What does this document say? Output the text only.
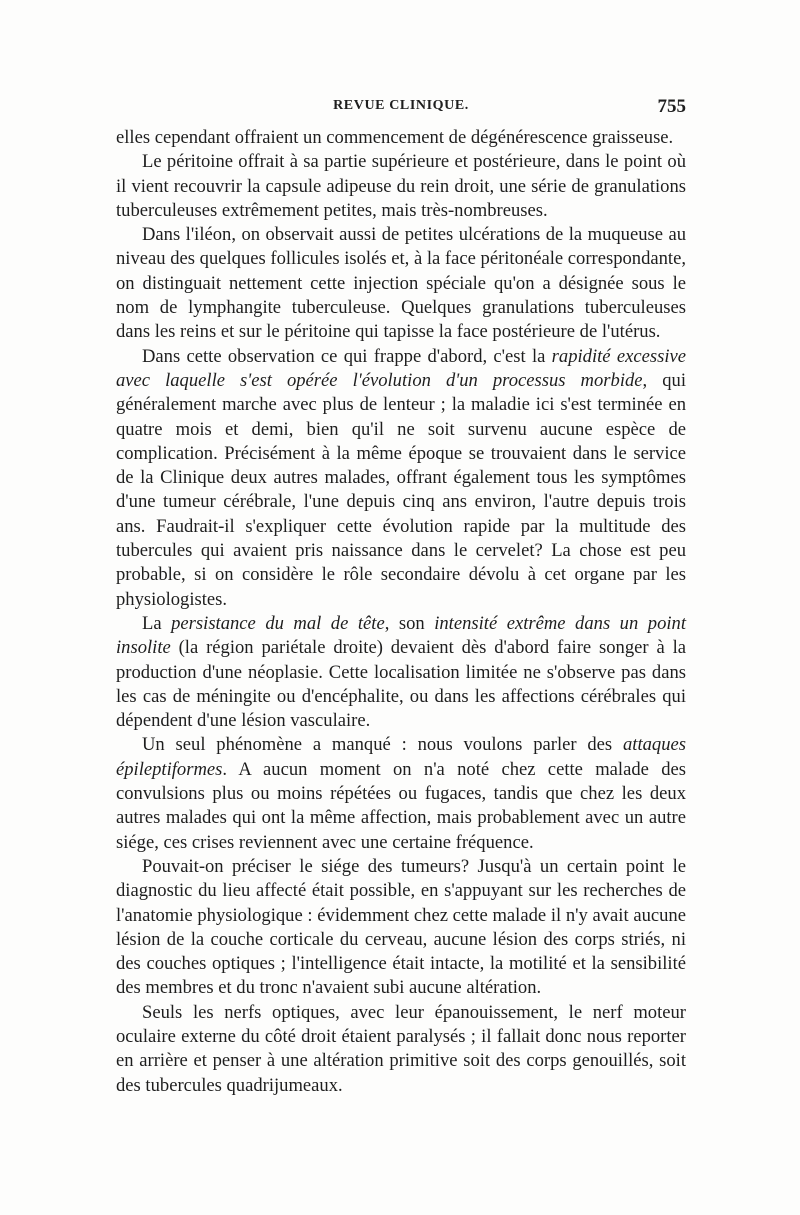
REVUE CLINIQUE.	755

elles cependant offraient un commencement de dégénérescence graisseuse.

Le péritoine offrait à sa partie supérieure et postérieure, dans le point où il vient recouvrir la capsule adipeuse du rein droit, une série de granulations tuberculeuses extrêmement petites, mais très-nombreuses.

Dans l'iléon, on observait aussi de petites ulcérations de la muqueuse au niveau des quelques follicules isolés et, à la face péritonéale correspondante, on distinguait nettement cette injection spéciale qu'on a désignée sous le nom de lymphangite tuberculeuse. Quelques granulations tuberculeuses dans les reins et sur le péritoine qui tapisse la face postérieure de l'utérus.

Dans cette observation ce qui frappe d'abord, c'est la rapidité excessive avec laquelle s'est opérée l'évolution d'un processus morbide, qui généralement marche avec plus de lenteur ; la maladie ici s'est terminée en quatre mois et demi, bien qu'il ne soit survenu aucune espèce de complication. Précisément à la même époque se trouvaient dans le service de la Clinique deux autres malades, offrant également tous les symptômes d'une tumeur cérébrale, l'une depuis cinq ans environ, l'autre depuis trois ans. Faudrait-il s'expliquer cette évolution rapide par la multitude des tubercules qui avaient pris naissance dans le cervelet? La chose est peu probable, si on considère le rôle secondaire dévolu à cet organe par les physiologistes.

La persistance du mal de tête, son intensité extrême dans un point insolite (la région pariétale droite) devaient dès d'abord faire songer à la production d'une néoplasie. Cette localisation limitée ne s'observe pas dans les cas de méningite ou d'encéphalite, ou dans les affections cérébrales qui dépendent d'une lésion vasculaire.

Un seul phénomène a manqué : nous voulons parler des attaques épileptiformes. A aucun moment on n'a noté chez cette malade des convulsions plus ou moins répétées ou fugaces, tandis que chez les deux autres malades qui ont la même affection, mais probablement avec un autre siége, ces crises reviennent avec une certaine fréquence.

Pouvait-on préciser le siége des tumeurs? Jusqu'à un certain point le diagnostic du lieu affecté était possible, en s'appuyant sur les recherches de l'anatomie physiologique : évidemment chez cette malade il n'y avait aucune lésion de la couche corticale du cerveau, aucune lésion des corps striés, ni des couches optiques ; l'intelligence était intacte, la motilité et la sensibilité des membres et du tronc n'avaient subi aucune altération.

Seuls les nerfs optiques, avec leur épanouissement, le nerf moteur oculaire externe du côté droit étaient paralysés ; il fallait donc nous reporter en arrière et penser à une altération primitive soit des corps genouillés, soit des tubercules quadrijumeaux.
